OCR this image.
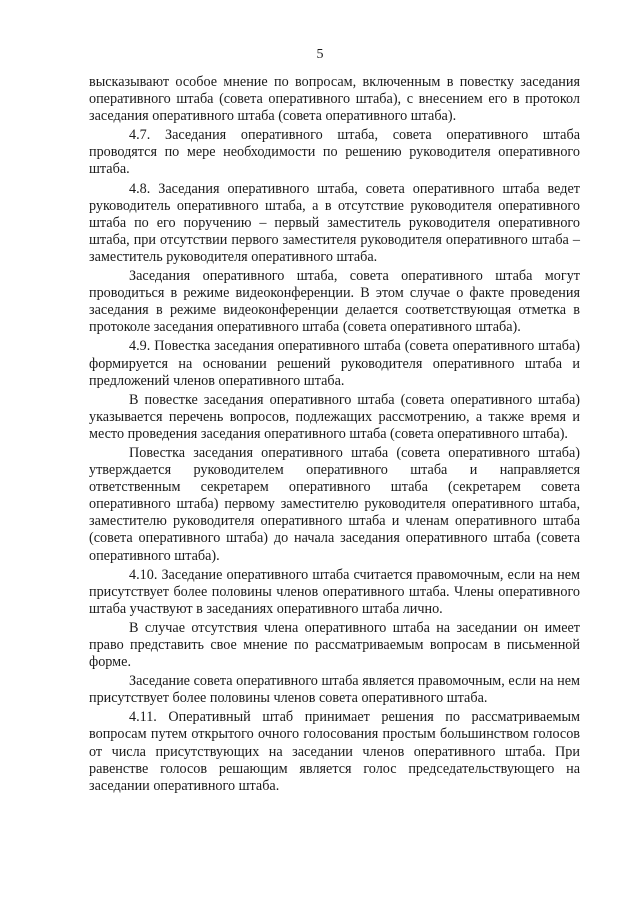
5

высказывают особое мнение по вопросам, включенным в повестку заседания оперативного штаба (совета оперативного штаба), с внесением его в протокол заседания оперативного штаба (совета оперативного штаба).

4.7. Заседания оперативного штаба, совета оперативного штаба проводятся по мере необходимости по решению руководителя оперативного штаба.

4.8. Заседания оперативного штаба, совета оперативного штаба ведет руководитель оперативного штаба, а в отсутствие руководителя оперативного штаба по его поручению – первый заместитель руководителя оперативного штаба, при отсутствии первого заместителя руководителя оперативного штаба – заместитель руководителя оперативного штаба.

Заседания оперативного штаба, совета оперативного штаба могут проводиться в режиме видеоконференции. В этом случае о факте проведения заседания в режиме видеоконференции делается соответствующая отметка в протоколе заседания оперативного штаба (совета оперативного штаба).

4.9. Повестка заседания оперативного штаба (совета оперативного штаба) формируется на основании решений руководителя оперативного штаба и предложений членов оперативного штаба.

В повестке заседания оперативного штаба (совета оперативного штаба) указывается перечень вопросов, подлежащих рассмотрению, а также время и место проведения заседания оперативного штаба (совета оперативного штаба).

Повестка заседания оперативного штаба (совета оперативного штаба) утверждается руководителем оперативного штаба и направляется ответственным секретарем оперативного штаба (секретарем совета оперативного штаба) первому заместителю руководителя оперативного штаба, заместителю руководителя оперативного штаба и членам оперативного штаба (совета оперативного штаба) до начала заседания оперативного штаба (совета оперативного штаба).

4.10. Заседание оперативного штаба считается правомочным, если на нем присутствует более половины членов оперативного штаба. Члены оперативного штаба участвуют в заседаниях оперативного штаба лично.

В случае отсутствия члена оперативного штаба на заседании он имеет право представить свое мнение по рассматриваемым вопросам в письменной форме.

Заседание совета оперативного штаба является правомочным, если на нем присутствует более половины членов совета оперативного штаба.

4.11. Оперативный штаб принимает решения по рассматриваемым вопросам путем открытого очного голосования простым большинством голосов от числа присутствующих на заседании членов оперативного штаба. При равенстве голосов решающим является голос председательствующего на заседании оперативного штаба.
